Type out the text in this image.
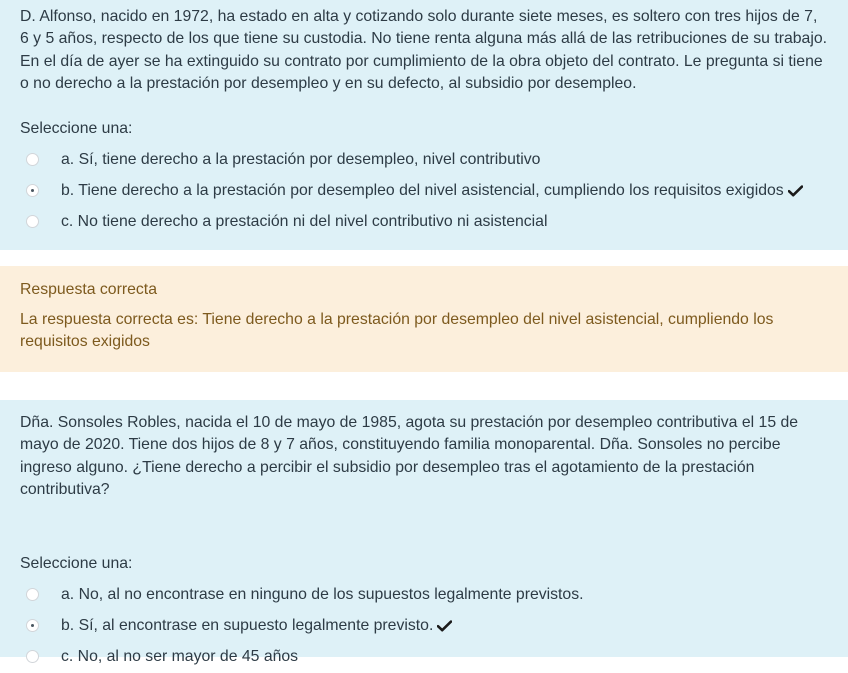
D. Alfonso, nacido en 1972, ha estado en alta y cotizando solo durante siete meses, es soltero con tres hijos de 7, 6 y 5 años, respecto de los que tiene su custodia. No tiene renta alguna más allá de las retribuciones de su trabajo. En el día de ayer se ha extinguido su contrato por cumplimiento de la obra objeto del contrato. Le pregunta si tiene o no derecho a la prestación por desempleo y en su defecto, al subsidio por desempleo.

Seleccione una:

a. Sí, tiene derecho a la prestación por desempleo, nivel contributivo
b. Tiene derecho a la prestación por desempleo del nivel asistencial, cumpliendo los requisitos exigidos
c. No tiene derecho a prestación ni del nivel contributivo ni asistencial

Respuesta correcta

La respuesta correcta es: Tiene derecho a la prestación por desempleo del nivel asistencial, cumpliendo los requisitos exigidos

Dña. Sonsoles Robles, nacida el 10 de mayo de 1985, agota su prestación por desempleo contributiva el 15 de mayo de 2020. Tiene dos hijos de 8 y 7 años, constituyendo familia monoparental. Dña. Sonsoles no percibe ingreso alguno. ¿Tiene derecho a percibir el subsidio por desempleo tras el agotamiento de la prestación contributiva?

Seleccione una:

a. No, al no encontrase en ninguno de los supuestos legalmente previstos.
b. Sí, al encontrase en supuesto legalmente previsto.
c. No, al no ser mayor de 45 años
